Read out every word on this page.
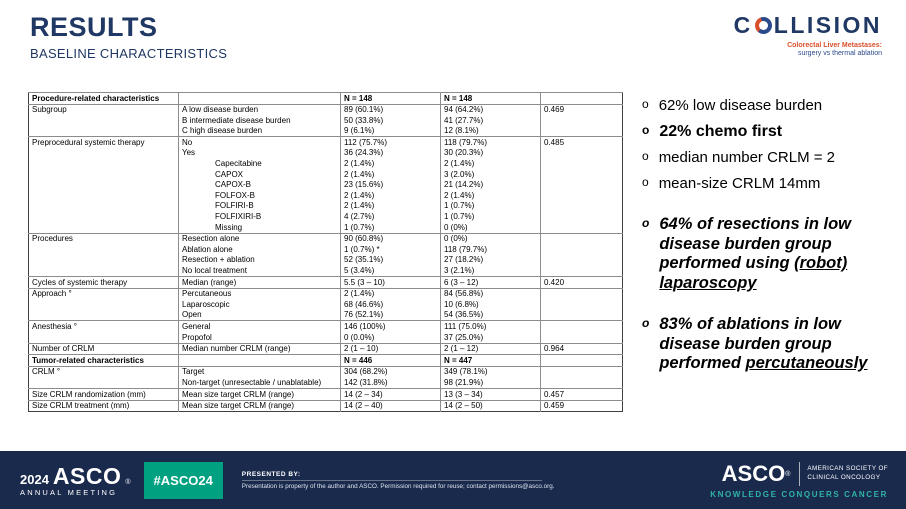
RESULTS
BASELINE CHARACTERISTICS
C LLISION
Colorectal Liver Metastases:
surgery vs thermal ablation
Procedure-related characteristics		N = 148	N = 148	
Subgroup	A low disease burden	89 (60.1%)	94 (64.2%)	0.469
	B intermediate disease burden	50 (33.8%)	41 (27.7%)	
	C high disease burden	9 (6.1%)	12 (8.1%)	
Preprocedural systemic therapy	No	112 (75.7%)	118 (79.7%)	0.485
	Yes	36 (24.3%)	30 (20.3%)	
	Capecitabine	2 (1.4%)	2 (1.4%)	
	CAPOX	2 (1.4%)	3 (2.0%)	
	CAPOX-B	23 (15.6%)	21 (14.2%)	
	FOLFOX-B	2 (1.4%)	2 (1.4%)	
	FOLFIRI-B	2 (1.4%)	1 (0.7%)	
	FOLFIXIRI-B	4 (2.7%)	1 (0.7%)	
	Missing	1 (0.7%)	0 (0%)	
Procedures	Resection alone	90 (60.8%)	0 (0%)	
	Ablation alone	1 (0.7%) *	118 (79.7%)	
	Resection + ablation	52 (35.1%)	27 (18.2%)	
	No local treatment	5 (3.4%)	3 (2.1%)	
Cycles of systemic therapy	Median (range)	5.5 (3 – 10)	6 (3 – 12)	0.420
Approach °	Percutaneous	2 (1.4%)	84 (56.8%)	
	Laparoscopic	68 (46.6%)	10 (6.8%)	
	Open	76 (52.1%)	54 (36.5%)	
Anesthesia °	General	146 (100%)	111 (75.0%)	
	Propofol	0 (0.0%)	37 (25.0%)	
Number of CRLM	Median number CRLM (range)	2 (1 – 10)	2 (1 – 12)	0.964
Tumor-related characteristics		N = 446	N = 447	
CRLM °	Target	304 (68.2%)	349 (78.1%)	
	Non-target (unresectable / unablatable)	142 (31.8%)	98 (21.9%)	
Size CRLM randomization (mm)	Mean size target CRLM (range)	14 (2 – 34)	13 (3 – 34)	0.457
Size CRLM treatment (mm)	Mean size target CRLM (range)	14 (2 – 40)	14 (2 – 50)	0.459
o 62% low disease burden
o 22% chemo first
o median number CRLM = 2
o mean-size CRLM 14mm
o 64% of resections in low disease burden group performed using (robot) laparoscopy
o 83% of ablations in low disease burden group performed percutaneously
2024 ASCO ®
ANNUAL MEETING
#ASCO24	PRESENTED BY:
Presentation is property of the author and ASCO. Permission required for reuse; contact permissions@asco.org.	ASCO ®
AMERICAN SOCIETY OF
CLINICAL ONCOLOGY
KNOWLEDGE CONQUERS CANCER
